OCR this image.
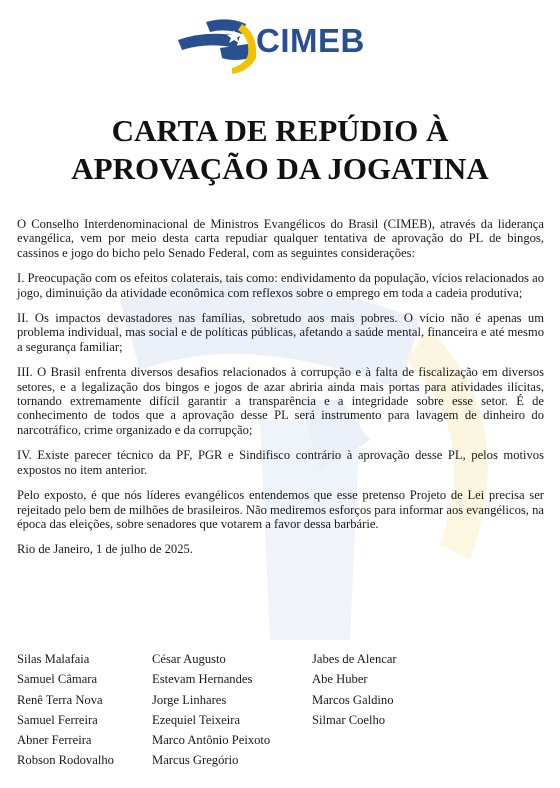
CIMEB
CARTA DE REPÚDIO À
APROVAÇÃO DA JOGATINA

O Conselho Interdenominacional de Ministros Evangélicos do Brasil (CIMEB), através da liderança evangélica, vem por meio desta carta repudiar qualquer tentativa de aprovação do PL de bingos, cassinos e jogo do bicho pelo Senado Federal, com as seguintes considerações:

I. Preocupação com os efeitos colaterais, tais como: endividamento da população, vícios relacionados ao jogo, diminuição da atividade econômica com reflexos sobre o emprego em toda a cadeia produtiva;

II. Os impactos devastadores nas famílias, sobretudo aos mais pobres. O vício não é apenas um problema individual, mas social e de políticas públicas, afetando a saúde mental, financeira e até mesmo a segurança familiar;

III. O Brasil enfrenta diversos desafios relacionados à corrupção e à falta de fiscalização em diversos setores, e a legalização dos bingos e jogos de azar abriria ainda mais portas para atividades ilícitas, tornando extremamente difícil garantir a transparência e a integridade sobre esse setor. É de conhecimento de todos que a aprovação desse PL será instrumento para lavagem de dinheiro do narcotráfico, crime organizado e da corrupção;

IV. Existe parecer técnico da PF, PGR e Sindifisco contrário à aprovação desse PL, pelos motivos expostos no item anterior.

Pelo exposto, é que nós líderes evangélicos entendemos que esse pretenso Projeto de Lei precisa ser rejeitado pelo bem de milhões de brasileiros. Não mediremos esforços para informar aos evangélicos, na época das eleições, sobre senadores que votarem a favor dessa barbárie.

Rio de Janeiro, 1 de julho de 2025.

Silas Malafaia
Samuel Câmara
Renê Terra Nova
Samuel Ferreira
Abner Ferreira
Robson Rodovalho
César Augusto
Estevam Hernandes
Jorge Linhares
Ezequiel Teixeira
Marco Antônio Peixoto
Marcus Gregório
Jabes de Alencar
Abe Huber
Marcos Galdino
Silmar Coelho
